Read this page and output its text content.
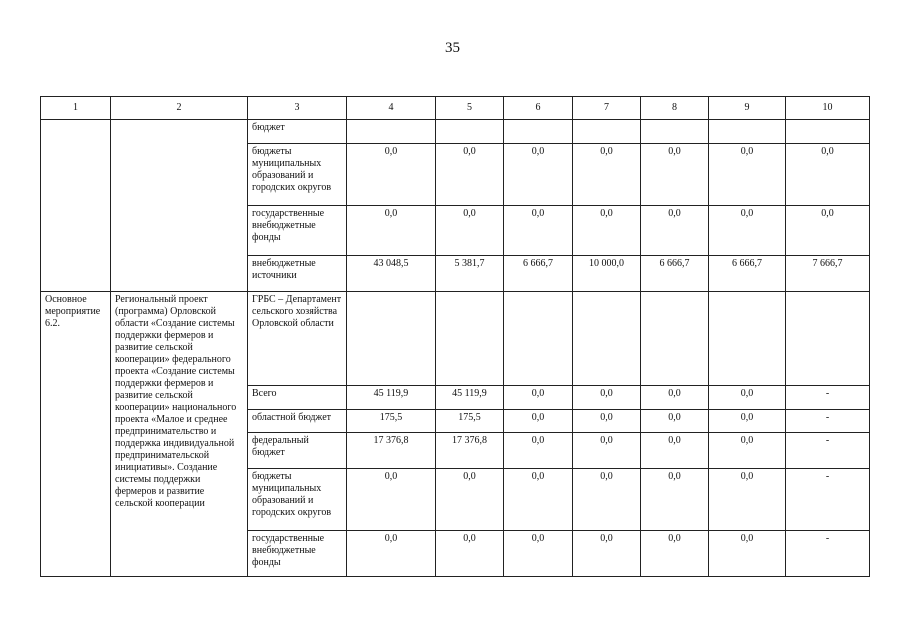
35
1	2	3	4	5	6	7	8	9	10
		бюджет							
		бюджеты муниципальных образований и городских округов	0,0	0,0	0,0	0,0	0,0	0,0	0,0
		государственные внебюджетные фонды	0,0	0,0	0,0	0,0	0,0	0,0	0,0
		внебюджетные источники	43 048,5	5 381,7	6 666,7	10 000,0	6 666,7	6 666,7	7 666,7
Основное мероприятие 6.2.	Региональный проект (программа) Орловской области «Создание системы поддержки фермеров и развитие сельской кооперации» федерального проекта «Создание системы поддержки фермеров и развитие сельской кооперации» национального проекта «Малое и среднее предпринимательство и поддержка индивидуальной предпринимательской инициативы». Создание системы поддержки фермеров и развитие сельской кооперации	ГРБС – Департамент сельского хозяйства Орловской области							
		Всего	45 119,9	45 119,9	0,0	0,0	0,0	0,0	-
		областной бюджет	175,5	175,5	0,0	0,0	0,0	0,0	-
		федеральный бюджет	17 376,8	17 376,8	0,0	0,0	0,0	0,0	-
		бюджеты муниципальных образований и городских округов	0,0	0,0	0,0	0,0	0,0	0,0	-
		государственные внебюджетные фонды	0,0	0,0	0,0	0,0	0,0	0,0	-
